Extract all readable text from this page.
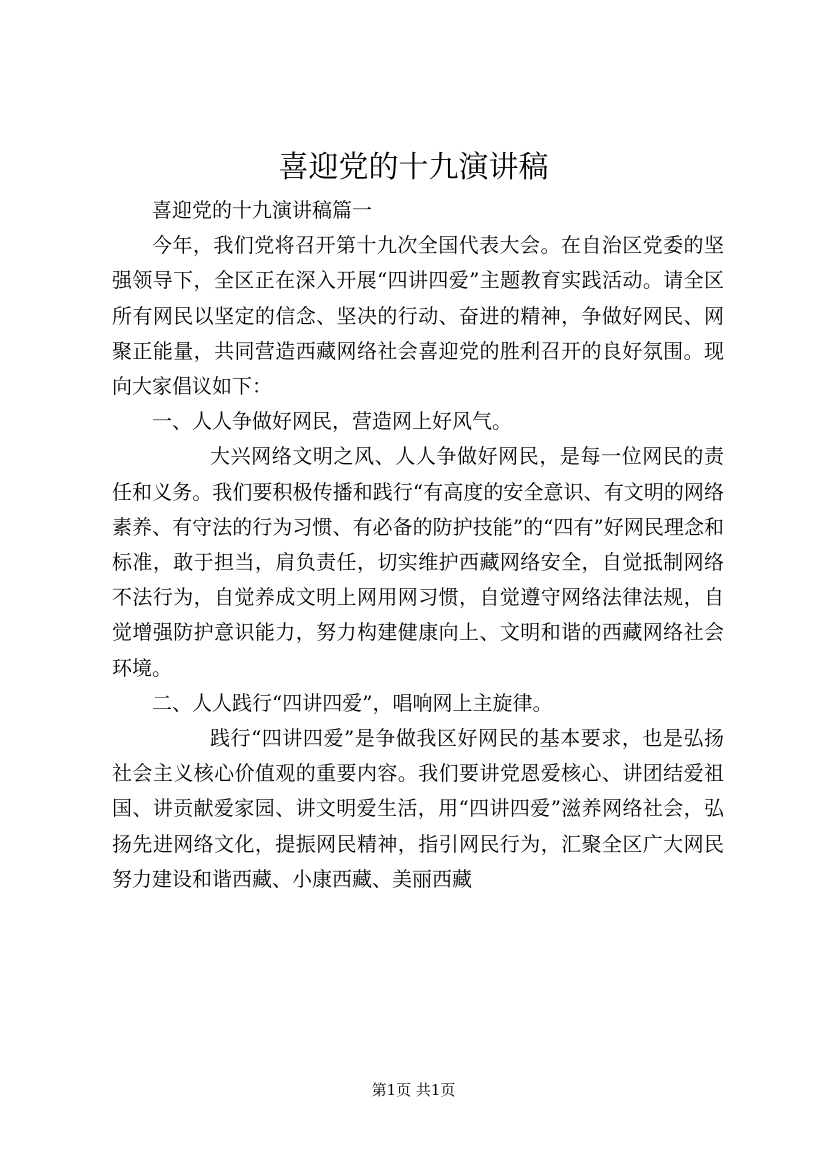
喜迎党的十九演讲稿

喜迎党的十九演讲稿篇一

今年，我们党将召开第十九次全国代表大会。在自治区党委的坚强领导下，全区正在深入开展“四讲四爱”主题教育实践活动。请全区所有网民以坚定的信念、坚决的行动、奋进的精神，争做好网民、网聚正能量，共同营造西藏网络社会喜迎党的胜利召开的良好氛围。现向大家倡议如下：

一、人人争做好网民，营造网上好风气。

大兴网络文明之风、人人争做好网民，是每一位网民的责任和义务。我们要积极传播和践行“有高度的安全意识、有文明的网络素养、有守法的行为习惯、有必备的防护技能”的“四有”好网民理念和标准，敢于担当，肩负责任，切实维护西藏网络安全，自觉抵制网络不法行为，自觉养成文明上网用网习惯，自觉遵守网络法律法规，自觉增强防护意识能力，努力构建健康向上、文明和谐的西藏网络社会环境。

二、人人践行“四讲四爱”，唱响网上主旋律。

践行“四讲四爱”是争做我区好网民的基本要求，也是弘扬社会主义核心价值观的重要内容。我们要讲党恩爱核心、讲团结爱祖国、讲贡献爱家园、讲文明爱生活，用“四讲四爱”滋养网络社会，弘扬先进网络文化，提振网民精神，指引网民行为，汇聚全区广大网民努力建设和谐西藏、小康西藏、美丽西藏

第1页 共1页
